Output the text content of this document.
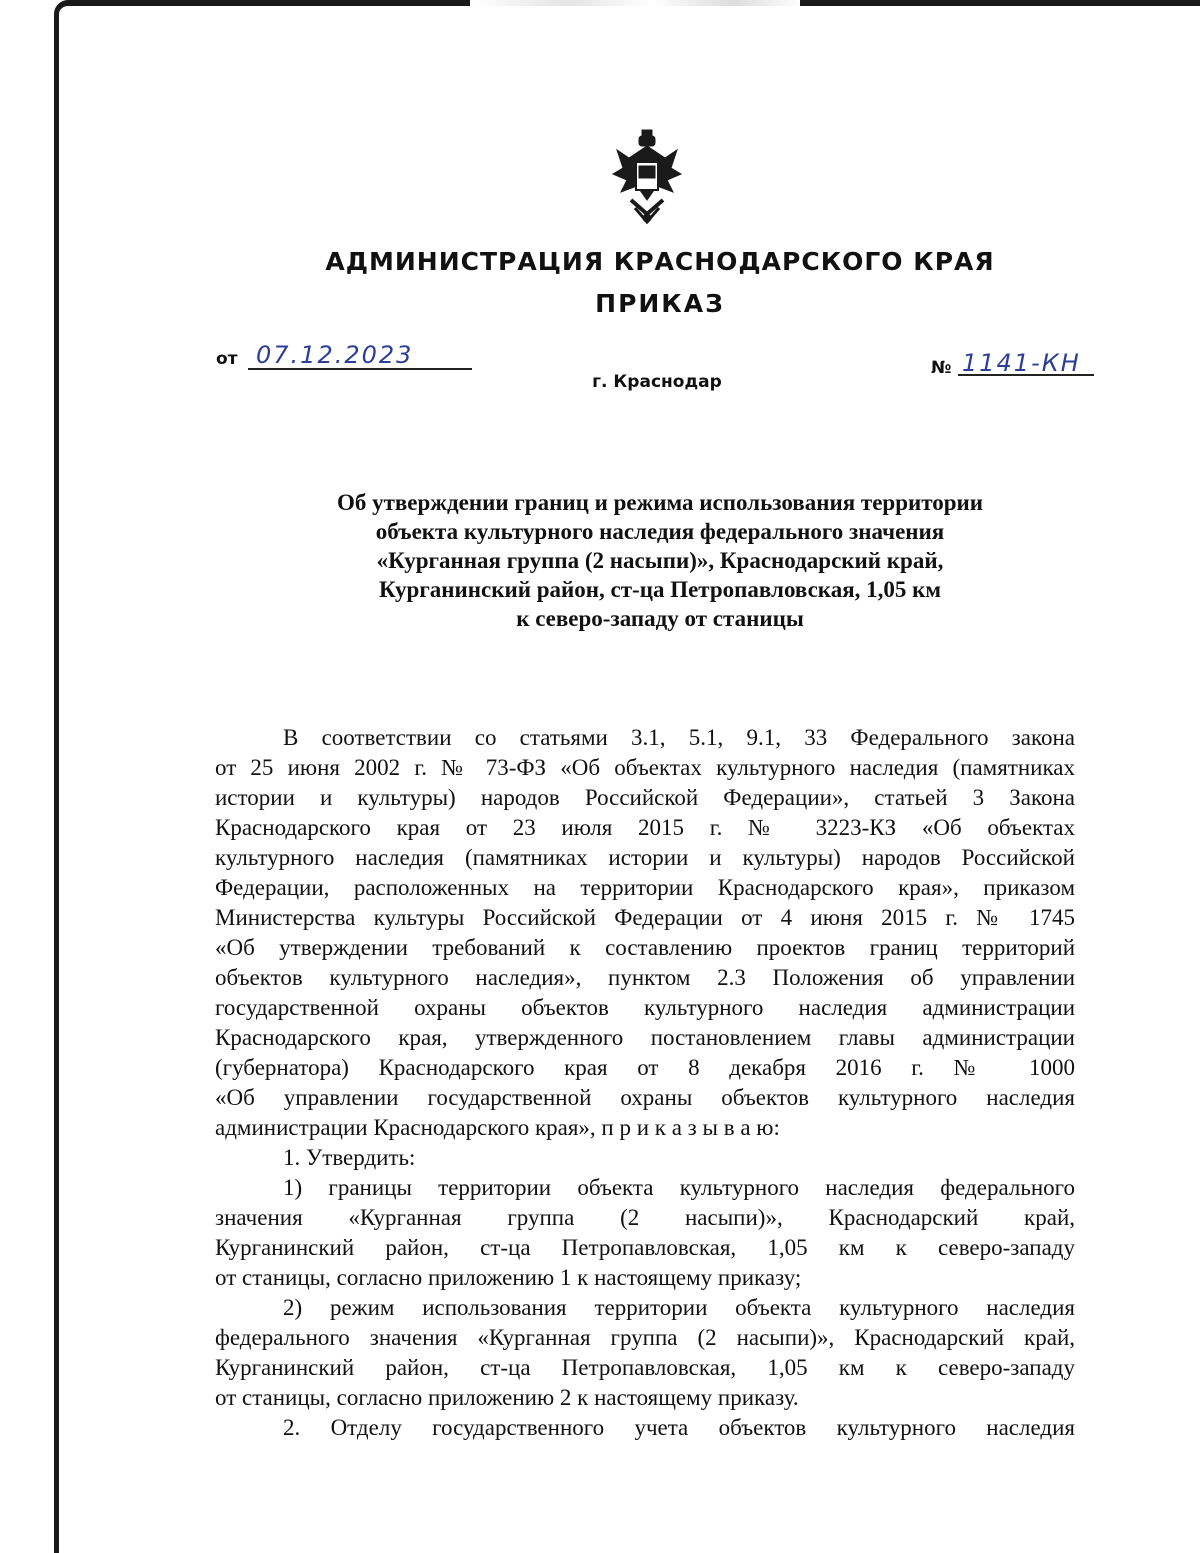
АДМИНИСТРАЦИЯ КРАСНОДАРСКОГО КРАЯ
ПРИКАЗ
от 07.12.2023	№ 1141-КН
г. Краснодар
Об утверждении границ и режима использования территории
объекта культурного наследия федерального значения
«Курганная группа (2 насыпи)», Краснодарский край,
Курганинский район, ст-ца Петропавловская, 1,05 км
к северо-западу от станицы
В соответствии со статьями 3.1, 5.1, 9.1, 33 Федерального закона
от 25 июня 2002 г. № 73-ФЗ «Об объектах культурного наследия (памятниках
истории и культуры) народов Российской Федерации», статьей 3 Закона
Краснодарского края от 23 июля 2015 г. № 3223-КЗ «Об объектах
культурного наследия (памятниках истории и культуры) народов Российской
Федерации, расположенных на территории Краснодарского края», приказом
Министерства культуры Российской Федерации от 4 июня 2015 г. № 1745
«Об утверждении требований к составлению проектов границ территорий
объектов культурного наследия», пунктом 2.3 Положения об управлении
государственной охраны объектов культурного наследия администрации
Краснодарского края, утвержденного постановлением главы администрации
(губернатора) Краснодарского края от 8 декабря 2016 г. № 1000
«Об управлении государственной охраны объектов культурного наследия
администрации Краснодарского края», п р и к а з ы в а ю:
1. Утвердить:
1) границы территории объекта культурного наследия федерального
значения «Курганная группа (2 насыпи)», Краснодарский край,
Курганинский район, ст-ца Петропавловская, 1,05 км к северо-западу
от станицы, согласно приложению 1 к настоящему приказу;
2) режим использования территории объекта культурного наследия
федерального значения «Курганная группа (2 насыпи)», Краснодарский край,
Курганинский район, ст-ца Петропавловская, 1,05 км к северо-западу
от станицы, согласно приложению 2 к настоящему приказу.
2. Отделу государственного учета объектов культурного наследия
